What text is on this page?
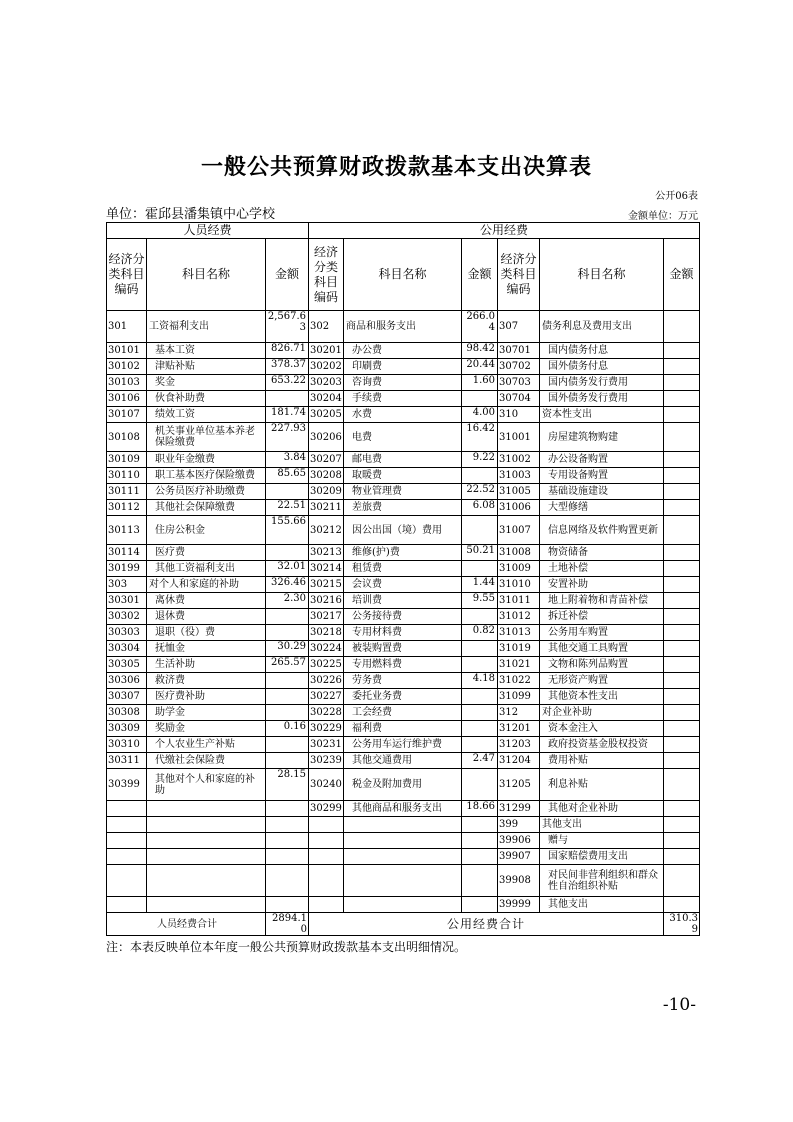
一般公共预算财政拨款基本支出决算表
公开06表
单位：霍邱县潘集镇中心学校	金额单位：万元
人员经费			公用经费					
经济分类科目编码	科目名称	金额	经济分类科目编码	科目名称	金额	经济分类科目编码	科目名称	金额
301	工资福利支出	2,567.63	302	商品和服务支出	266.04	307	债务利息及费用支出	
30101	基本工资	826.71	30201	办公费	98.42	30701	国内债务付息	
30102	津贴补贴	378.37	30202	印刷费	20.44	30702	国外债务付息	
30103	奖金	653.22	30203	咨询费	1.60	30703	国内债务发行费用	
30106	伙食补助费		30204	手续费		30704	国外债务发行费用	
30107	绩效工资	181.74	30205	水费	4.00	310	资本性支出	
30108	机关事业单位基本养老保险缴费	227.93	30206	电费	16.42	31001	房屋建筑物购建	
30109	职业年金缴费	3.84	30207	邮电费	9.22	31002	办公设备购置	
30110	职工基本医疗保险缴费	85.65	30208	取暖费		31003	专用设备购置	
30111	公务员医疗补助缴费		30209	物业管理费	22.52	31005	基础设施建设	
30112	其他社会保障缴费	22.51	30211	差旅费	6.08	31006	大型修缮	
30113	住房公积金	155.66	30212	因公出国（境）费用		31007	信息网络及软件购置更新	
30114	医疗费		30213	维修(护)费	50.21	31008	物资储备	
30199	其他工资福利支出	32.01	30214	租赁费		31009	土地补偿	
303	对个人和家庭的补助	326.46	30215	会议费	1.44	31010	安置补助	
30301	离休费	2.30	30216	培训费	9.55	31011	地上附着物和青苗补偿	
30302	退休费		30217	公务接待费		31012	拆迁补偿	
30303	退职（役）费		30218	专用材料费	0.82	31013	公务用车购置	
30304	抚恤金	30.29	30224	被装购置费		31019	其他交通工具购置	
30305	生活补助	265.57	30225	专用燃料费		31021	文物和陈列品购置	
30306	救济费		30226	劳务费	4.18	31022	无形资产购置	
30307	医疗费补助		30227	委托业务费		31099	其他资本性支出	
30308	助学金		30228	工会经费		312	对企业补助	
30309	奖励金	0.16	30229	福利费		31201	资本金注入	
30310	个人农业生产补贴		30231	公务用车运行维护费		31203	政府投资基金股权投资	
30311	代缴社会保险费		30239	其他交通费用	2.47	31204	费用补贴	
30399	其他对个人和家庭的补助	28.15	30240	税金及附加费用		31205	利息补贴	
			30299	其他商品和服务支出	18.66	31299	其他对企业补助	
						399	其他支出	
						39906	赠与	
						39907	国家赔偿费用支出	
						39908	对民间非营利组织和群众性自治组织补贴	
						39999	其他支出	
人员经费合计		2894.10	公用经费合计					310.39
注：本表反映单位本年度一般公共预算财政拨款基本支出明细情况。
-10-
